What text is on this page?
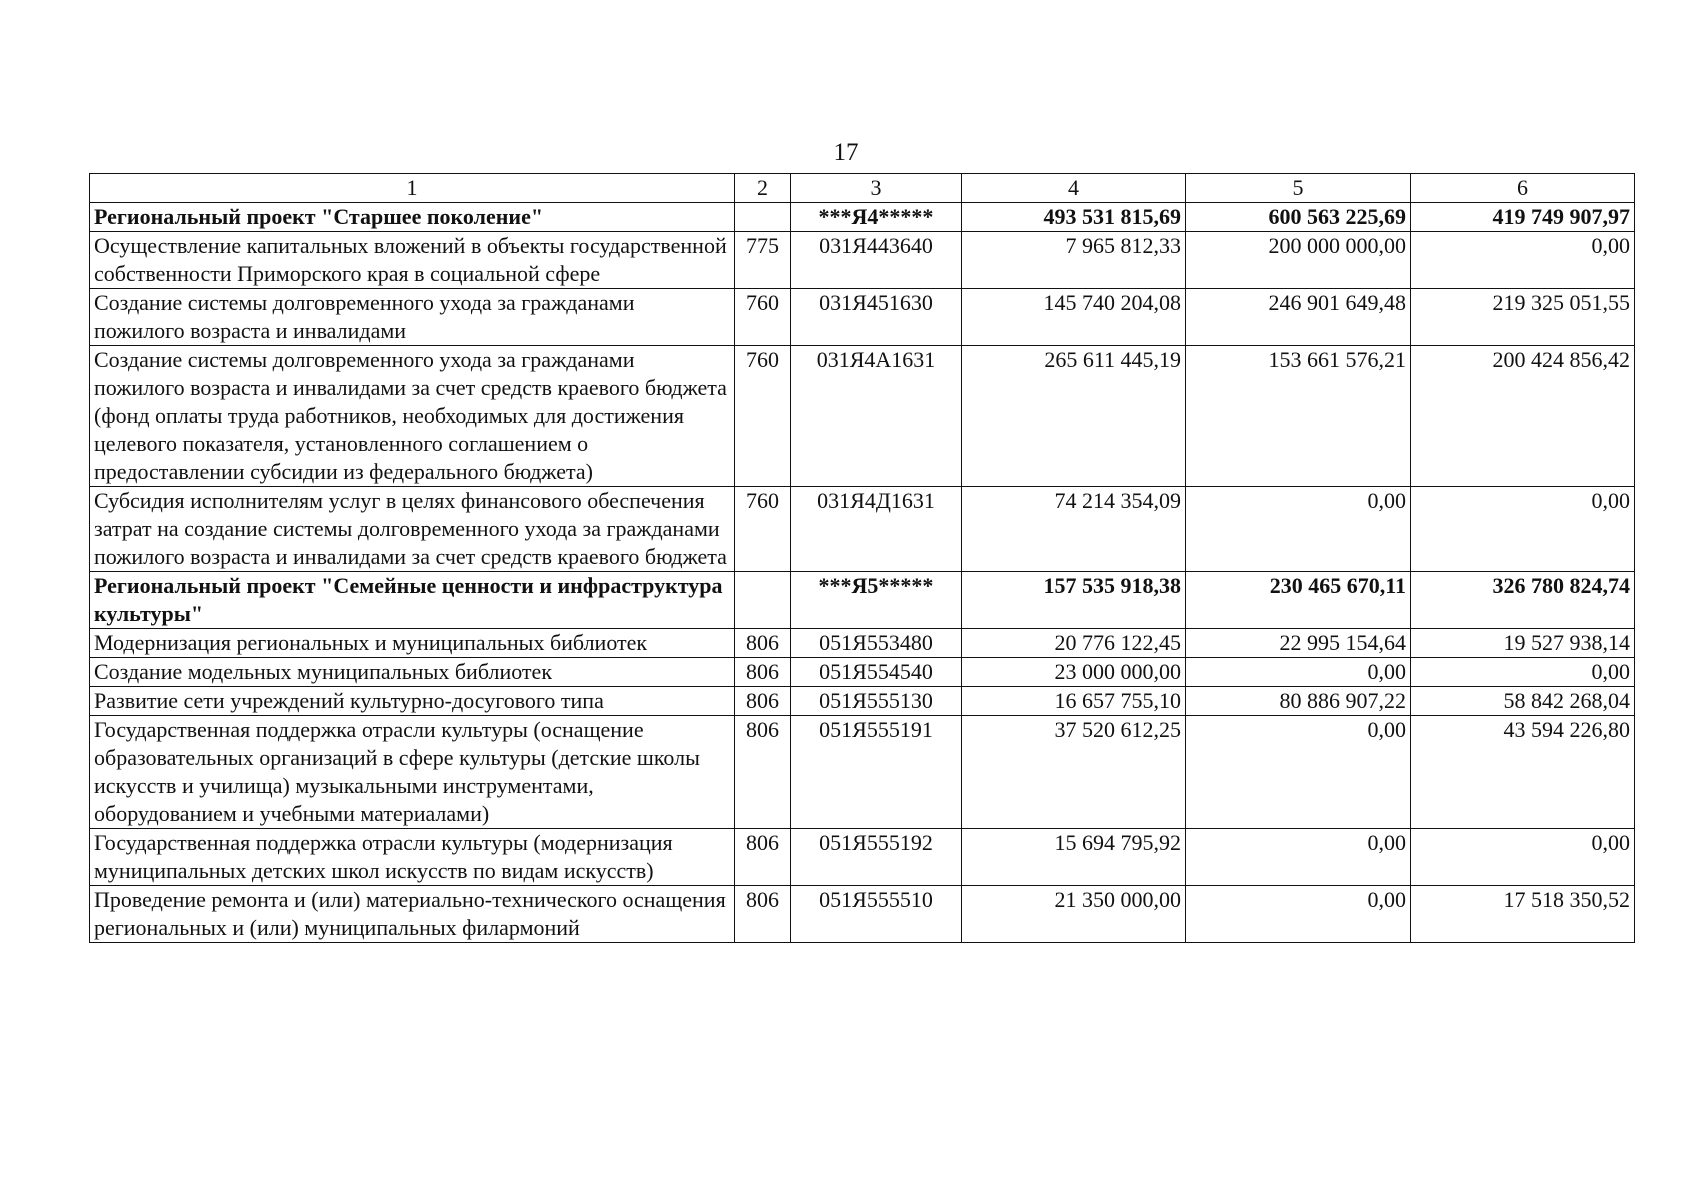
17
1	2	3	4	5	6
Региональный проект "Старшее поколение"		***Я4*****	493 531 815,69	600 563 225,69	419 749 907,97
Осуществление капитальных вложений в объекты государственной собственности Приморского края в социальной сфере	775	031Я443640	7 965 812,33	200 000 000,00	0,00
Создание системы долговременного ухода за гражданами пожилого возраста и инвалидами	760	031Я451630	145 740 204,08	246 901 649,48	219 325 051,55
Создание системы долговременного ухода за гражданами пожилого возраста и инвалидами за счет средств краевого бюджета (фонд оплаты труда работников, необходимых для достижения целевого показателя, установленного соглашением о предоставлении субсидии из федерального бюджета)	760	031Я4А1631	265 611 445,19	153 661 576,21	200 424 856,42
Субсидия исполнителям услуг в целях финансового обеспечения затрат на создание системы долговременного ухода за гражданами пожилого возраста и инвалидами за счет средств краевого бюджета	760	031Я4Д1631	74 214 354,09	0,00	0,00
Региональный проект "Семейные ценности и инфраструктура культуры"		***Я5*****	157 535 918,38	230 465 670,11	326 780 824,74
Модернизация региональных и муниципальных библиотек	806	051Я553480	20 776 122,45	22 995 154,64	19 527 938,14
Создание модельных муниципальных библиотек	806	051Я554540	23 000 000,00	0,00	0,00
Развитие сети учреждений культурно-досугового типа	806	051Я555130	16 657 755,10	80 886 907,22	58 842 268,04
Государственная поддержка отрасли культуры (оснащение образовательных организаций в сфере культуры (детские школы искусств и училища) музыкальными инструментами, оборудованием и учебными материалами)	806	051Я555191	37 520 612,25	0,00	43 594 226,80
Государственная поддержка отрасли культуры (модернизация муниципальных детских школ искусств по видам искусств)	806	051Я555192	15 694 795,92	0,00	0,00
Проведение ремонта и (или) материально-технического оснащения региональных и (или) муниципальных филармоний	806	051Я555510	21 350 000,00	0,00	17 518 350,52
